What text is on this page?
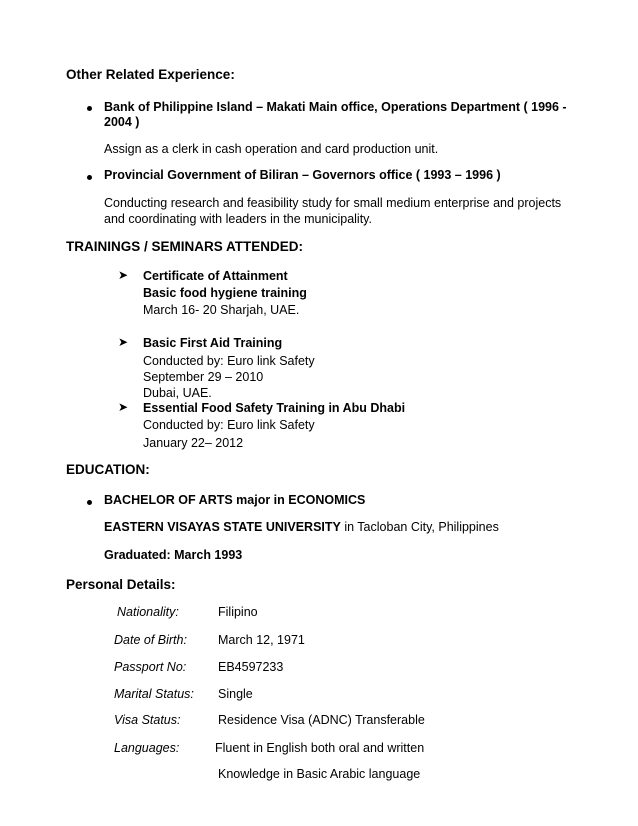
Other Related Experience:
Bank of Philippine Island – Makati Main office, Operations Department ( 1996 -
2004 )
Assign as a clerk in cash operation and card production unit.
Provincial Government of Biliran – Governors office ( 1993 – 1996 )
Conducting research and feasibility study for small medium enterprise and projects
and coordinating with leaders in the municipality.
TRAININGS / SEMINARS ATTENDED:
➤ Certificate of Attainment
Basic food hygiene training
March 16- 20 Sharjah, UAE.
➤ Basic First Aid Training
Conducted by: Euro link Safety
September 29 – 2010
Dubai, UAE.
➤ Essential Food Safety Training in Abu Dhabi
Conducted by: Euro link Safety
January 22– 2012
EDUCATION:
BACHELOR OF ARTS major in ECONOMICS
EASTERN VISAYAS STATE UNIVERSITY in Tacloban City, Philippines
Graduated: March 1993
Personal Details:
Nationality:	Filipino
Date of Birth: March 12, 1971
Passport No:	EB4597233
Marital Status: Single
Visa Status:	Residence Visa (ADNC) Transferable
Languages:	Fluent in English both oral and written
Knowledge in Basic Arabic language
